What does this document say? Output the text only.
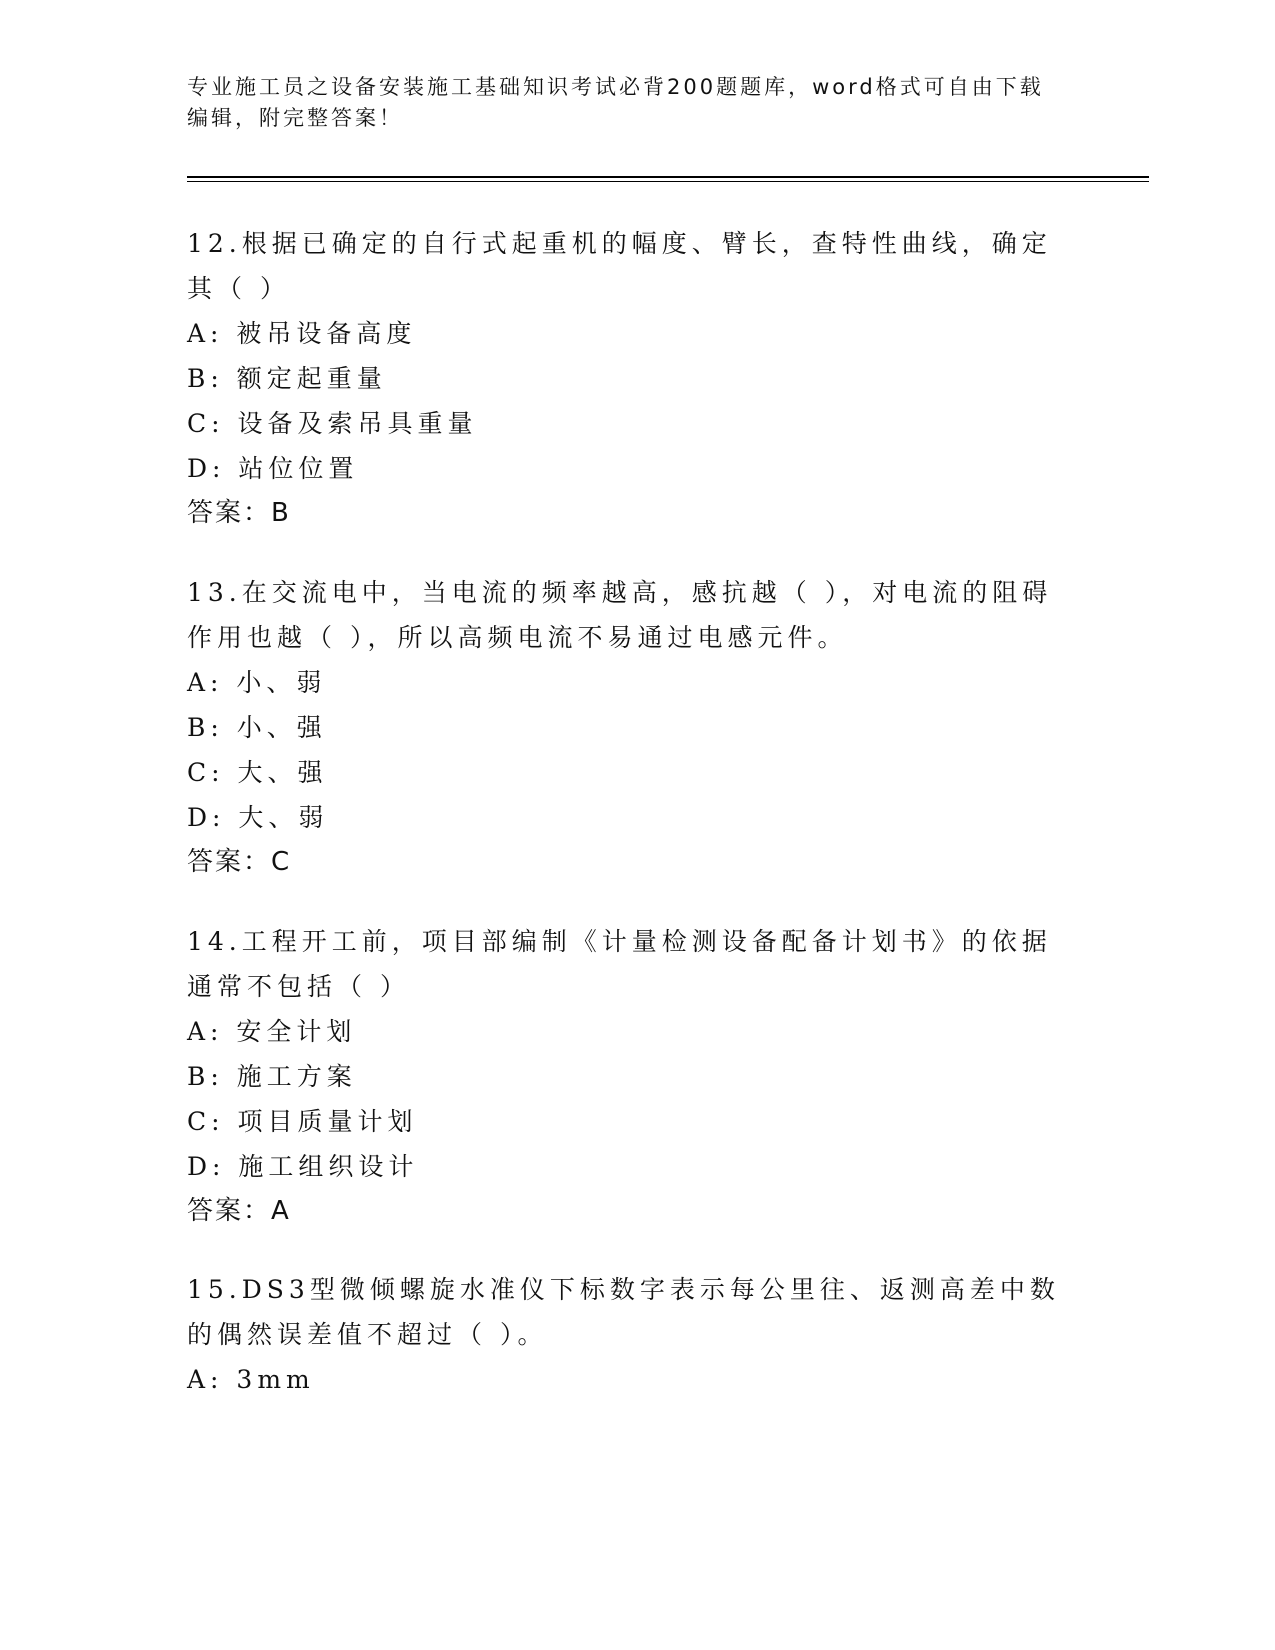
专业施工员之设备安装施工基础知识考试必背200题题库，word格式可自由下载编辑，附完整答案！

12.根据已确定的自行式起重机的幅度、臂长，查特性曲线，确定其（ ）

A: 被吊设备高度

B: 额定起重量

C: 设备及索吊具重量

D: 站位位置

答案：B

13.在交流电中，当电流的频率越高，感抗越（ ），对电流的阻碍作用也越（ ），所以高频电流不易通过电感元件。

A: 小、弱

B: 小、强

C: 大、强

D: 大、弱

答案：C

14.工程开工前，项目部编制《计量检测设备配备计划书》的依据通常不包括（ ）

A: 安全计划

B: 施工方案

C: 项目质量计划

D: 施工组织设计

答案：A

15.DS3型微倾螺旋水准仪下标数字表示每公里往、返测高差中数的偶然误差值不超过（ ）。

A: 3mm
